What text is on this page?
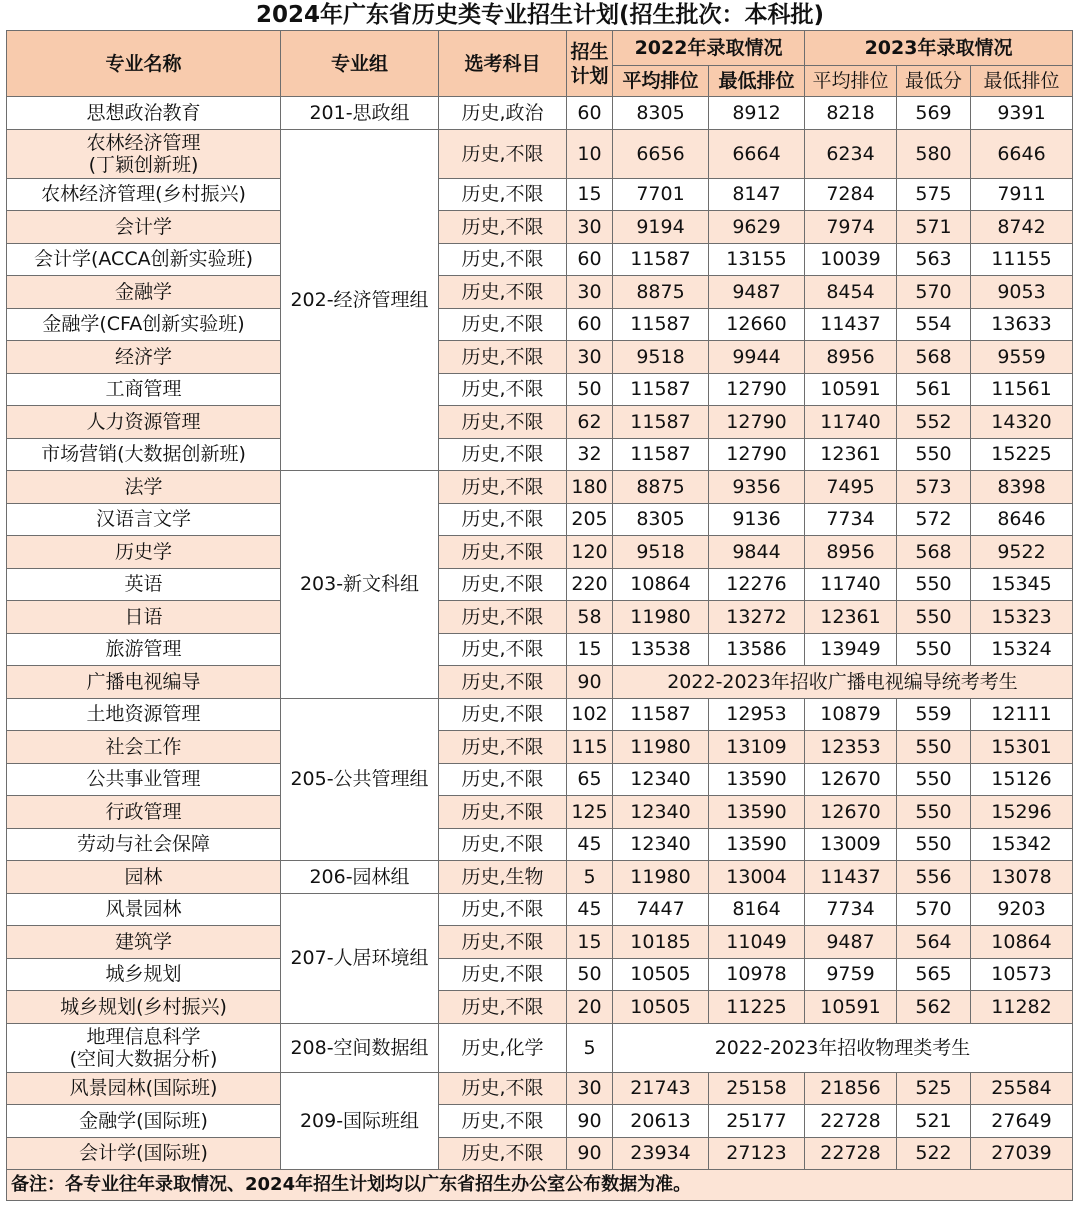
2024年广东省历史类专业招生计划(招生批次：本科批)
专业名称	专业组	选考科目	招生计划	2022年录取情况		2023年录取情况		
				平均排位	最低排位	平均排位	最低分	最低排位
思想政治教育	201-思政组	历史,政治	60	8305	8912	8218	569	9391
农林经济管理
(丁颖创新班)	202-经济管理组	历史,不限	10	6656	6664	6234	580	6646
农林经济管理(乡村振兴)		历史,不限	15	7701	8147	7284	575	7911
会计学		历史,不限	30	9194	9629	7974	571	8742
会计学(ACCA创新实验班)		历史,不限	60	11587	13155	10039	563	11155
金融学		历史,不限	30	8875	9487	8454	570	9053
金融学(CFA创新实验班)		历史,不限	60	11587	12660	11437	554	13633
经济学		历史,不限	30	9518	9944	8956	568	9559
工商管理		历史,不限	50	11587	12790	10591	561	11561
人力资源管理		历史,不限	62	11587	12790	11740	552	14320
市场营销(大数据创新班)		历史,不限	32	11587	12790	12361	550	15225
法学	203-新文科组	历史,不限	180	8875	9356	7495	573	8398
汉语言文学		历史,不限	205	8305	9136	7734	572	8646
历史学		历史,不限	120	9518	9844	8956	568	9522
英语		历史,不限	220	10864	12276	11740	550	15345
日语		历史,不限	58	11980	13272	12361	550	15323
旅游管理		历史,不限	15	13538	13586	13949	550	15324
广播电视编导		历史,不限	90	2022-2023年招收广播电视编导统考考生				
土地资源管理	205-公共管理组	历史,不限	102	11587	12953	10879	559	12111
社会工作		历史,不限	115	11980	13109	12353	550	15301
公共事业管理		历史,不限	65	12340	13590	12670	550	15126
行政管理		历史,不限	125	12340	13590	12670	550	15296
劳动与社会保障		历史,不限	45	12340	13590	13009	550	15342
园林	206-园林组	历史,生物	5	11980	13004	11437	556	13078
风景园林	207-人居环境组	历史,不限	45	7447	8164	7734	570	9203
建筑学		历史,不限	15	10185	11049	9487	564	10864
城乡规划		历史,不限	50	10505	10978	9759	565	10573
城乡规划(乡村振兴)		历史,不限	20	10505	11225	10591	562	11282
地理信息科学
(空间大数据分析)	208-空间数据组	历史,化学	5	2022-2023年招收物理类考生				
风景园林(国际班)	209-国际班组	历史,不限	30	21743	25158	21856	525	25584
金融学(国际班)		历史,不限	90	20613	25177	22728	521	27649
会计学(国际班)		历史,不限	90	23934	27123	22728	522	27039
备注：各专业往年录取情况、2024年招生计划均以广东省招生办公室公布数据为准。								
